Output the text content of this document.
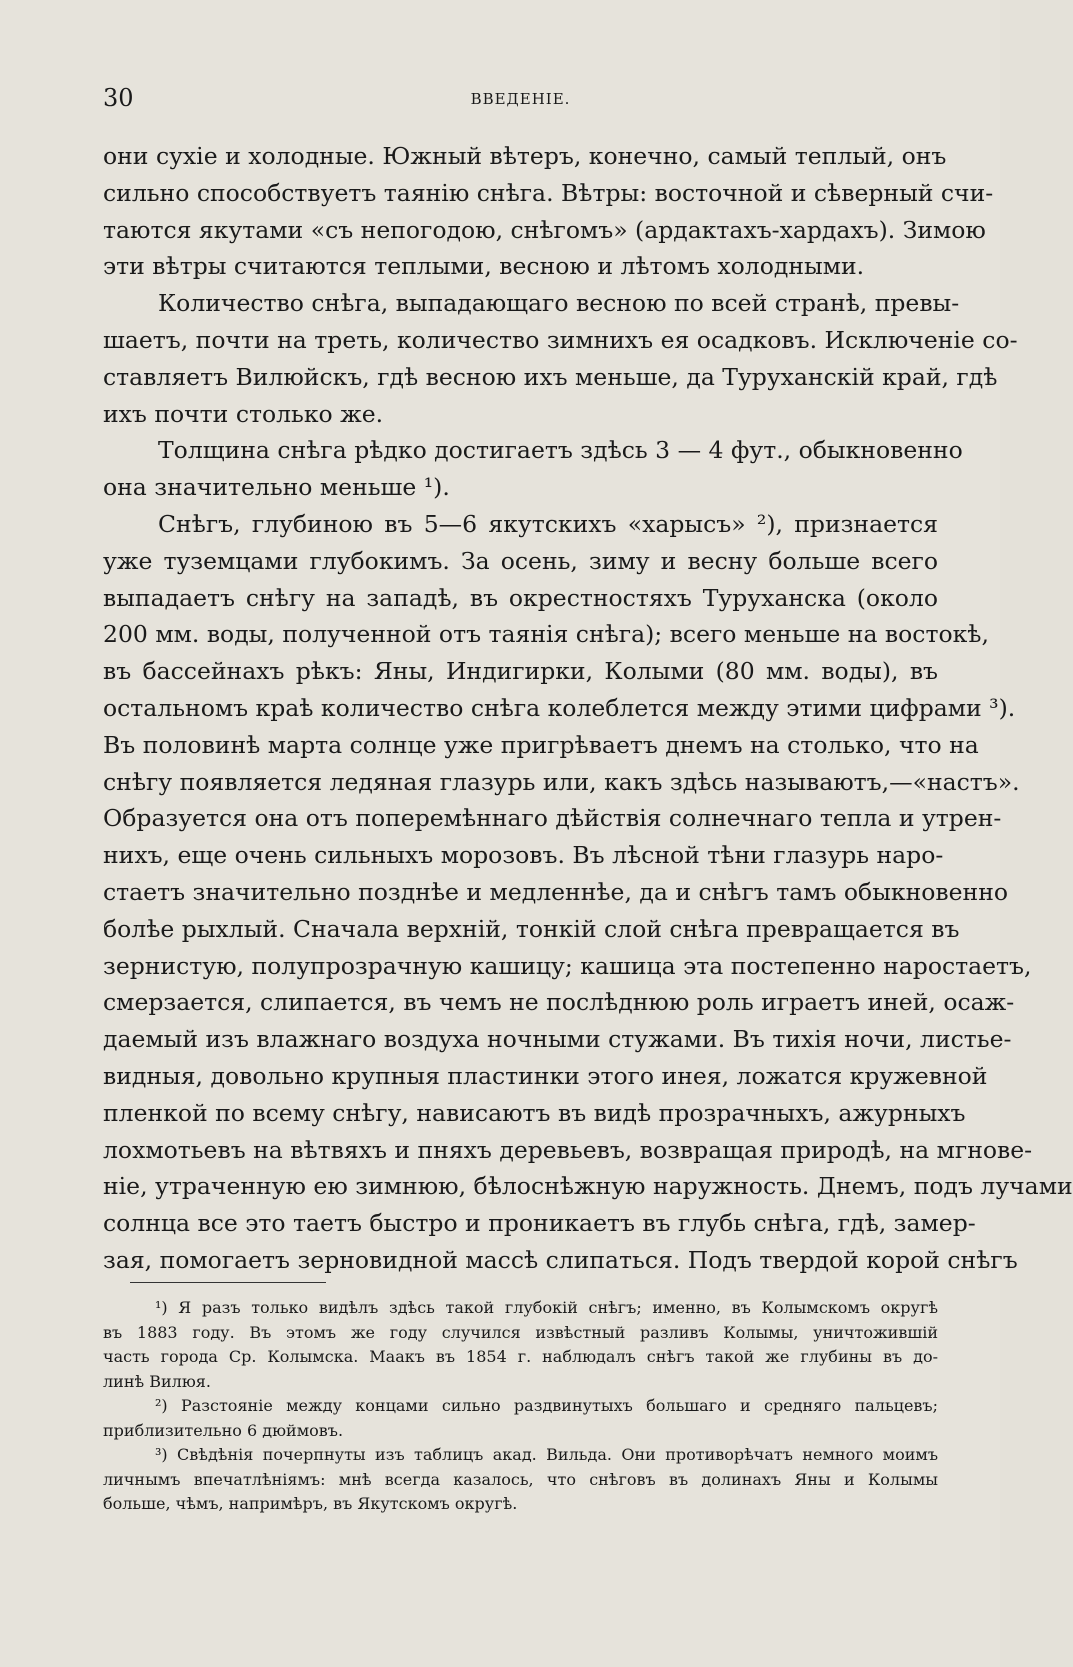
30	ВВЕДЕНІЕ.
они сухіе и холодные. Южный вѣтеръ, конечно, самый теплый, онъ
сильно способствуетъ таянію снѣга. Вѣтры: восточной и сѣверный счи-
таются якутами «съ непогодою, снѣгомъ» (ардактахъ-хардахъ). Зимою
эти вѣтры считаются теплыми, весною и лѣтомъ холодными.
Количество снѣга, выпадающаго весною по всей странѣ, превы-
шаетъ, почти на треть, количество зимнихъ ея осадковъ. Исключеніе со-
ставляетъ Вилюйскъ, гдѣ весною ихъ меньше, да Туруханскій край, гдѣ
ихъ почти столько же.
Толщина снѣга рѣдко достигаетъ здѣсь 3 — 4 фут., обыкновенно
она значительно меньше ¹).
Снѣгъ, глубиною въ 5—6 якутскихъ «харысъ» ²), признается
уже туземцами глубокимъ. За осень, зиму и весну больше всего
выпадаетъ снѣгу на западѣ, въ окрестностяхъ Туруханска (около
200 мм. воды, полученной отъ таянія снѣга); всего меньше на востокѣ,
въ бассейнахъ рѣкъ: Яны, Индигирки, Колыми (80 мм. воды), въ
остальномъ краѣ количество снѣга колеблется между этими цифрами ³).
Въ половинѣ марта солнце уже пригрѣваетъ днемъ на столько, что на
снѣгу появляется ледяная глазурь или, какъ здѣсь называютъ,—«настъ».
Образуется она отъ поперемѣннаго дѣйствія солнечнаго тепла и утрен-
нихъ, еще очень сильныхъ морозовъ. Въ лѣсной тѣни глазурь наро-
стаетъ значительно позднѣе и медленнѣе, да и снѣгъ тамъ обыкновенно
болѣе рыхлый. Сначала верхній, тонкій слой снѣга превращается въ
зернистую, полупрозрачную кашицу; кашица эта постепенно наростаетъ,
смерзается, слипается, въ чемъ не послѣднюю роль играетъ иней, осаж-
даемый изъ влажнаго воздуха ночными стужами. Въ тихія ночи, листье-
видныя, довольно крупныя пластинки этого инея, ложатся кружевной
пленкой по всему снѣгу, нависаютъ въ видѣ прозрачныхъ, ажурныхъ
лохмотьевъ на вѣтвяхъ и пняхъ деревьевъ, возвращая природѣ, на мгнове-
ніе, утраченную ею зимнюю, бѣлоснѣжную наружность. Днемъ, подъ лучами
солнца все это таетъ быстро и проникаетъ въ глубь снѣга, гдѣ, замер-
зая, помогаетъ зерновидной массѣ слипаться. Подъ твердой корой снѣгъ
¹) Я разъ только видѣлъ здѣсь такой глубокій снѣгъ; именно, въ Колымскомъ округѣ
въ 1883 году. Въ этомъ же году случился извѣстный разливъ Колымы, уничтожившій
часть города Ср. Колымска. Маакъ въ 1854 г. наблюдалъ снѣгъ такой же глубины въ до-
линѣ Вилюя.
²) Разстояніе между концами сильно раздвинутыхъ большаго и средняго пальцевъ;
приблизительно 6 дюймовъ.
³) Свѣдѣнія почерпнуты изъ таблицъ акад. Вильда. Они противорѣчатъ немного моимъ
личнымъ впечатлѣніямъ: мнѣ всегда казалось, что снѣговъ въ долинахъ Яны и Колымы
больше, чѣмъ, напримѣръ, въ Якутскомъ округѣ.
